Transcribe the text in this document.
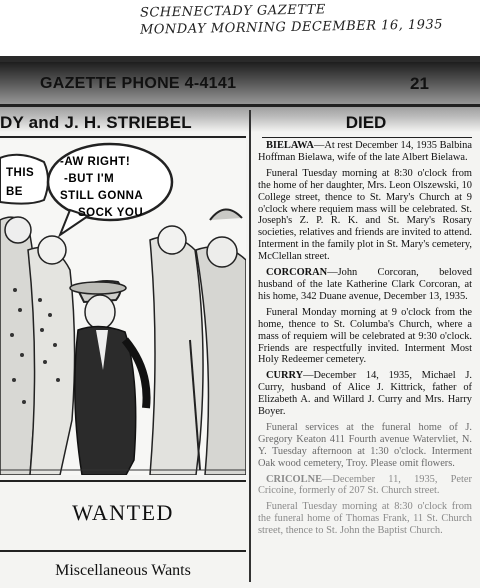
SCHENECTADY GAZETTE
MONDAY MORNING DECEMBER 16, 1935
GAZETTE PHONE 4-4141	21
DY and J. H. STRIEBEL
THIS
BE
-AW RIGHT!
-BUT I'M
STILL GONNA
SOCK YOU
WANTED
Miscellaneous Wants
DIED

BIELAWA—At rest December 14, 1935 Balbina Hoffman Bielawa, wife of the late Albert Bielawa.

Funeral Tuesday morning at 8:30 o'clock from the home of her daughter, Mrs. Leon Olszewski, 10 College street, thence to St. Mary's Church at 9 o'clock where requiem mass will be celebrated. St. Joseph's Z. P. R. K. and St. Mary's Rosary societies, relatives and friends are invited to attend. Interment in the family plot in St. Mary's cemetery, McClellan street.

CORCORAN—John Corcoran, beloved husband of the late Katherine Clark Corcoran, at his home, 342 Duane avenue, December 13, 1935.

Funeral Monday morning at 9 o'clock from the home, thence to St. Columba's Church, where a mass of requiem will be celebrated at 9:30 o'clock. Friends are respectfully invited. Interment Most Holy Redeemer cemetery.

CURRY—December 14, 1935, Michael J. Curry, husband of Alice J. Kittrick, father of Elizabeth A. and Willard J. Curry and Mrs. Harry Boyer.

Funeral services at the funeral home of J. Gregory Keaton 411 Fourth avenue Watervliet, N. Y. Tuesday afternoon at 1:30 o'clock. Interment Oak wood cemetery, Troy. Please omit flowers.

CRICOLNE—December 11, 1935, Peter Cricoine, formerly of 207 St. Church street.

Funeral Tuesday morning at 8:30 o'clock from the funeral home of Thomas Frank, 11 St. Church street, thence to St. John the Baptist Church.
